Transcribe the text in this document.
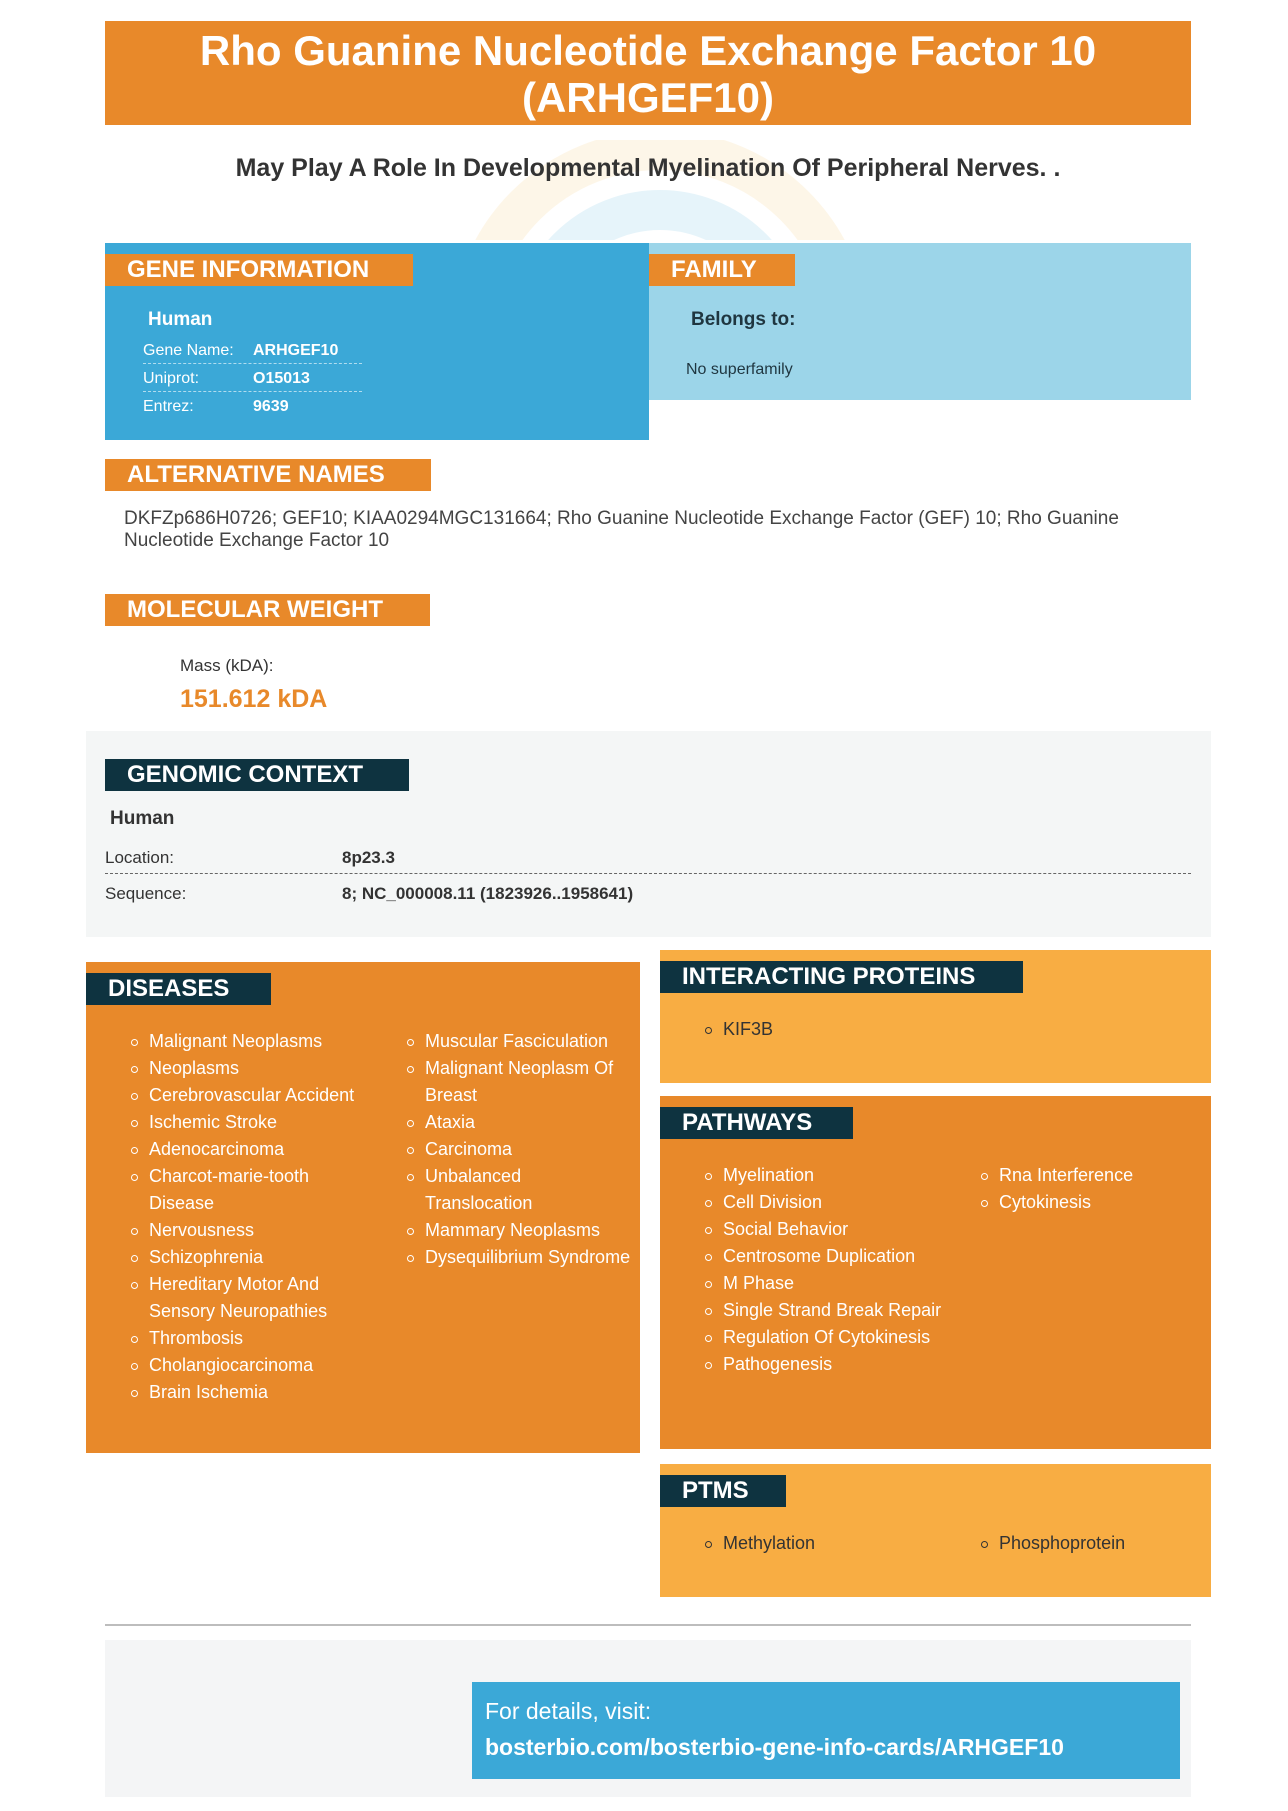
Rho Guanine Nucleotide Exchange Factor 10
(ARHGEF10)
May Play A Role In Developmental Myelination Of Peripheral Nerves. .
GENE INFORMATION
Human
Gene Name: ARHGEF10
Uniprot:	O15013
Entrez:	9639
FAMILY
Belongs to:
No superfamily
ALTERNATIVE NAMES
DKFZp686H0726; GEF10; KIAA0294MGC131664; Rho Guanine Nucleotide Exchange Factor (GEF) 10; Rho Guanine Nucleotide Exchange Factor 10
MOLECULAR WEIGHT
Mass (kDA):
151.612 kDA
GENOMIC CONTEXT
Human
Location:	8p23.3
Sequence:	8; NC_000008.11 (1823926..1958641)
DISEASES
Malignant Neoplasms
Neoplasms
Cerebrovascular Accident
Ischemic Stroke
Adenocarcinoma
Charcot-marie-tooth Disease
Nervousness
Schizophrenia
Hereditary Motor And Sensory Neuropathies
Thrombosis
Cholangiocarcinoma
Brain Ischemia
Muscular Fasciculation
Malignant Neoplasm Of Breast
Ataxia
Carcinoma
Unbalanced Translocation
Mammary Neoplasms
Dysequilibrium Syndrome
INTERACTING PROTEINS
KIF3B
PATHWAYS
Myelination
Cell Division
Social Behavior
Centrosome Duplication
M Phase
Single Strand Break Repair
Regulation Of Cytokinesis
Pathogenesis
Rna Interference
Cytokinesis
PTMS
Methylation	Phosphoprotein
For details, visit:
bosterbio.com/bosterbio-gene-info-cards/ARHGEF10
